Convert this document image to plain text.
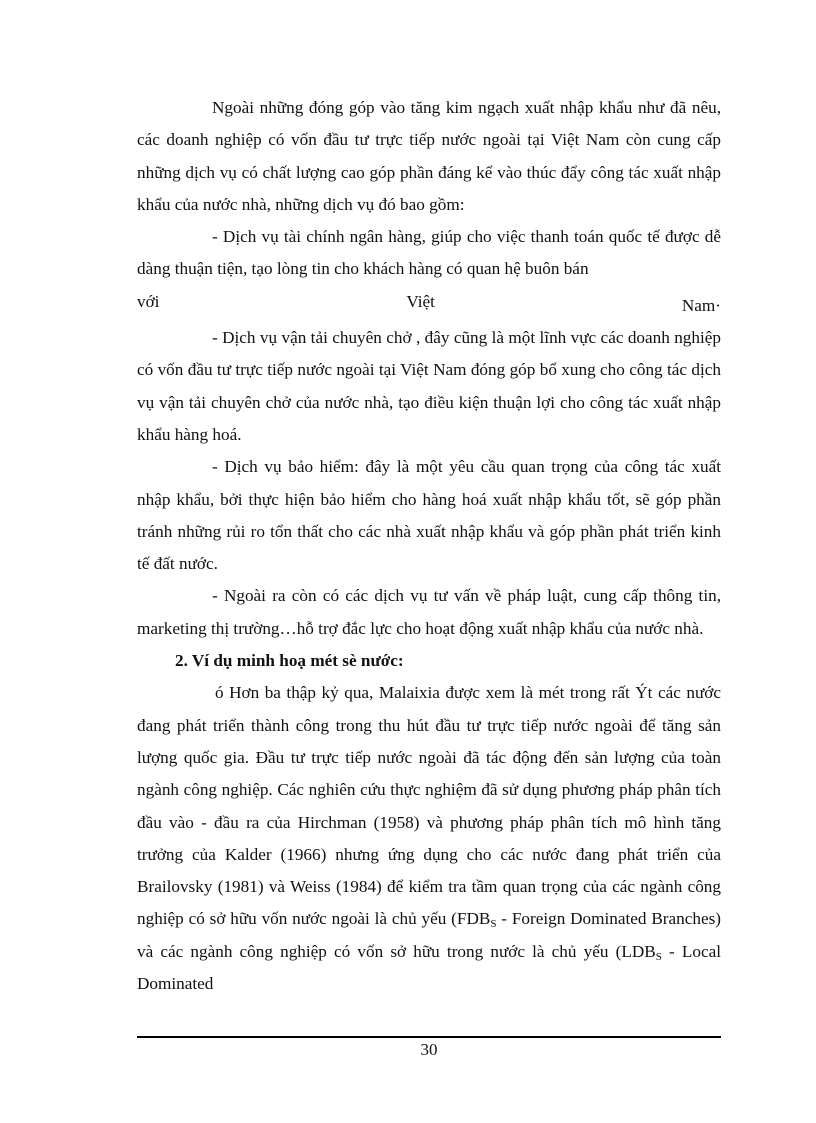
Ngoài những đóng góp vào tăng kim ngạch xuất nhập khẩu như đã nêu, các doanh nghiệp có vốn đầu tư trực tiếp nước ngoài tại Việt Nam còn cung cấp những dịch vụ có chất lượng cao góp phần đáng kể vào thúc đẩy công tác xuất nhập khẩu của nước nhà, những dịch vụ đó bao gồm:

- Dịch vụ tài chính ngân hàng, giúp cho việc thanh toán quốc tế được dễ dàng thuận tiện, tạo lòng tin cho khách hàng có quan hệ buôn bán

với	Việt	Nam·

- Dịch vụ vận tải chuyên chở , đây cũng là một lĩnh vực các doanh nghiệp có vốn đầu tư trực tiếp nước ngoài tại Việt Nam đóng góp bổ xung cho công tác dịch vụ vận tải chuyên chở của nước nhà, tạo điều kiện thuận lợi cho công tác xuất nhập khẩu hàng hoá.

- Dịch vụ bảo hiểm: đây là một yêu cầu quan trọng của công tác xuất nhập khẩu, bởi thực hiện bảo hiểm cho hàng hoá xuất nhập khẩu tốt, sẽ góp phần tránh những rủi ro tổn thất cho các nhà xuất nhập khẩu và góp phần phát triển kinh tế đất nước.

- Ngoài ra còn có các dịch vụ tư vấn về pháp luật, cung cấp thông tin, marketing thị trường…hỗ trợ đắc lực cho hoạt động xuất nhập khẩu của nước nhà.

2. Ví dụ minh hoạ mét sè nước:

ó Hơn ba thập kỷ qua, Malaixia được xem là mét trong rất Ýt các nước đang phát triển thành công trong thu hút đầu tư trực tiếp nước ngoài để tăng sản lượng quốc gia. Đầu tư trực tiếp nước ngoài đã tác động đến sản lượng của toàn ngành công nghiệp. Các nghiên cứu thực nghiệm đã sử dụng phương pháp phân tích đầu vào - đầu ra của Hirchman (1958) và phương pháp phân tích mô hình tăng trưởng của Kalder (1966) nhưng ứng dụng cho các nước đang phát triển của Brailovsky (1981) và Weiss (1984) để kiểm tra tầm quan trọng của các ngành công nghiệp có sở hữu vốn nước ngoài là chủ yếu ($FDB_S$ - Foreign Dominated Branches) và các ngành công nghiệp có vốn sở hữu trong nước là chủ yếu ($LDB_S$ - Local Dominated

30
